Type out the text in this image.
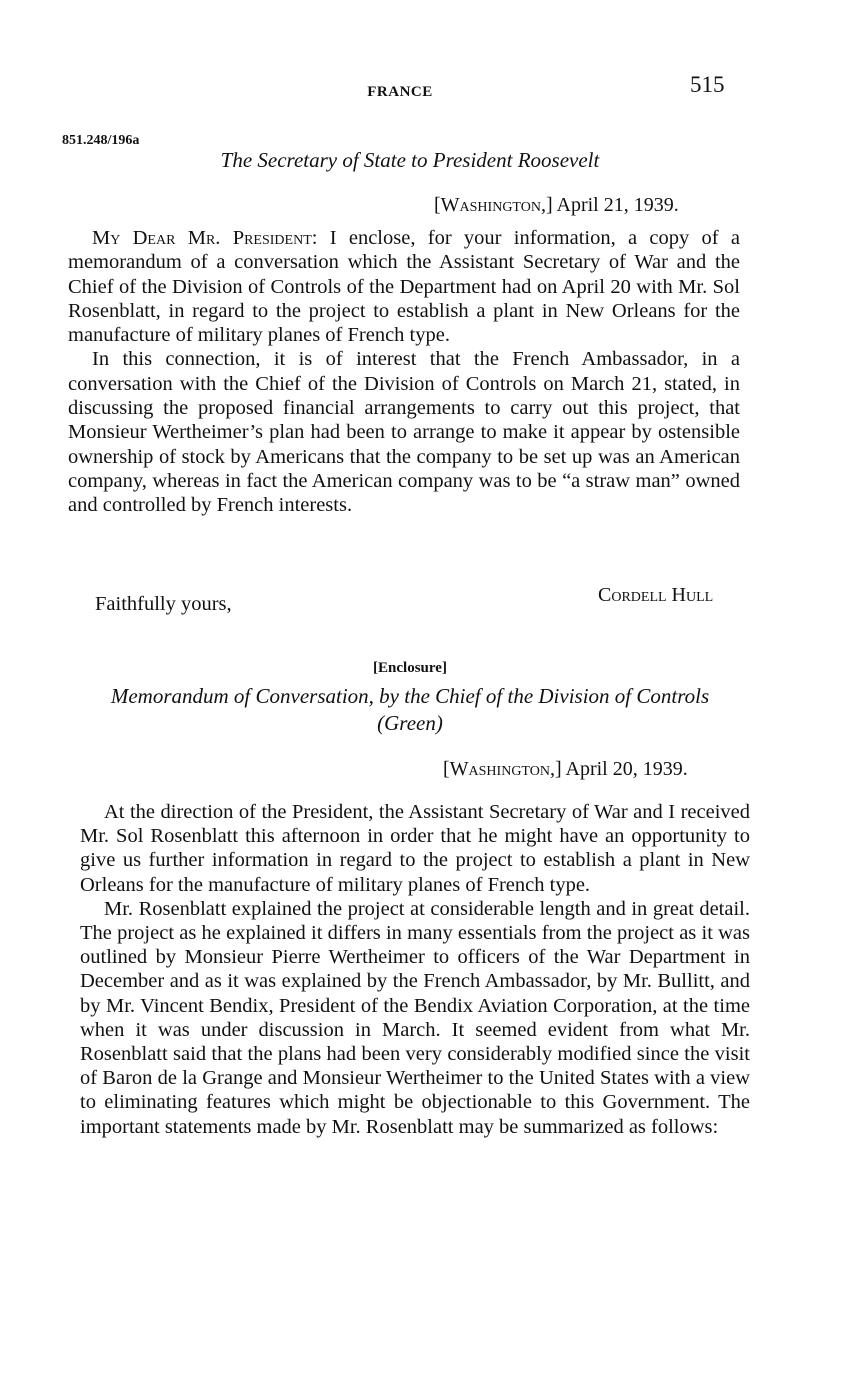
FRANCE	515
851.248/196a
The Secretary of State to President Roosevelt
[Washington,] April 21, 1939.

My Dear Mr. President: I enclose, for your information, a copy of a memorandum of a conversation which the Assistant Secretary of War and the Chief of the Division of Controls of the Department had on April 20 with Mr. Sol Rosenblatt, in regard to the project to establish a plant in New Orleans for the manufacture of military planes of French type.

In this connection, it is of interest that the French Ambassador, in a conversation with the Chief of the Division of Controls on March 21, stated, in discussing the proposed financial arrangements to carry out this project, that Monsieur Wertheimer’s plan had been to arrange to make it appear by ostensible ownership of stock by Americans that the company to be set up was an American company, whereas in fact the American company was to be “a straw man” owned and controlled by French interests.

Faithfully yours,	Cordell Hull
[Enclosure]
Memorandum of Conversation, by the Chief of the Division of Controls (Green)
[Washington,] April 20, 1939.

At the direction of the President, the Assistant Secretary of War and I received Mr. Sol Rosenblatt this afternoon in order that he might have an opportunity to give us further information in regard to the project to establish a plant in New Orleans for the manufacture of military planes of French type.

Mr. Rosenblatt explained the project at considerable length and in great detail. The project as he explained it differs in many essentials from the project as it was outlined by Monsieur Pierre Wertheimer to officers of the War Department in December and as it was explained by the French Ambassador, by Mr. Bullitt, and by Mr. Vincent Bendix, President of the Bendix Aviation Corporation, at the time when it was under discussion in March. It seemed evident from what Mr. Rosenblatt said that the plans had been very considerably modified since the visit of Baron de la Grange and Monsieur Wertheimer to the United States with a view to eliminating features which might be objectionable to this Government. The important statements made by Mr. Rosenblatt may be summarized as follows:
